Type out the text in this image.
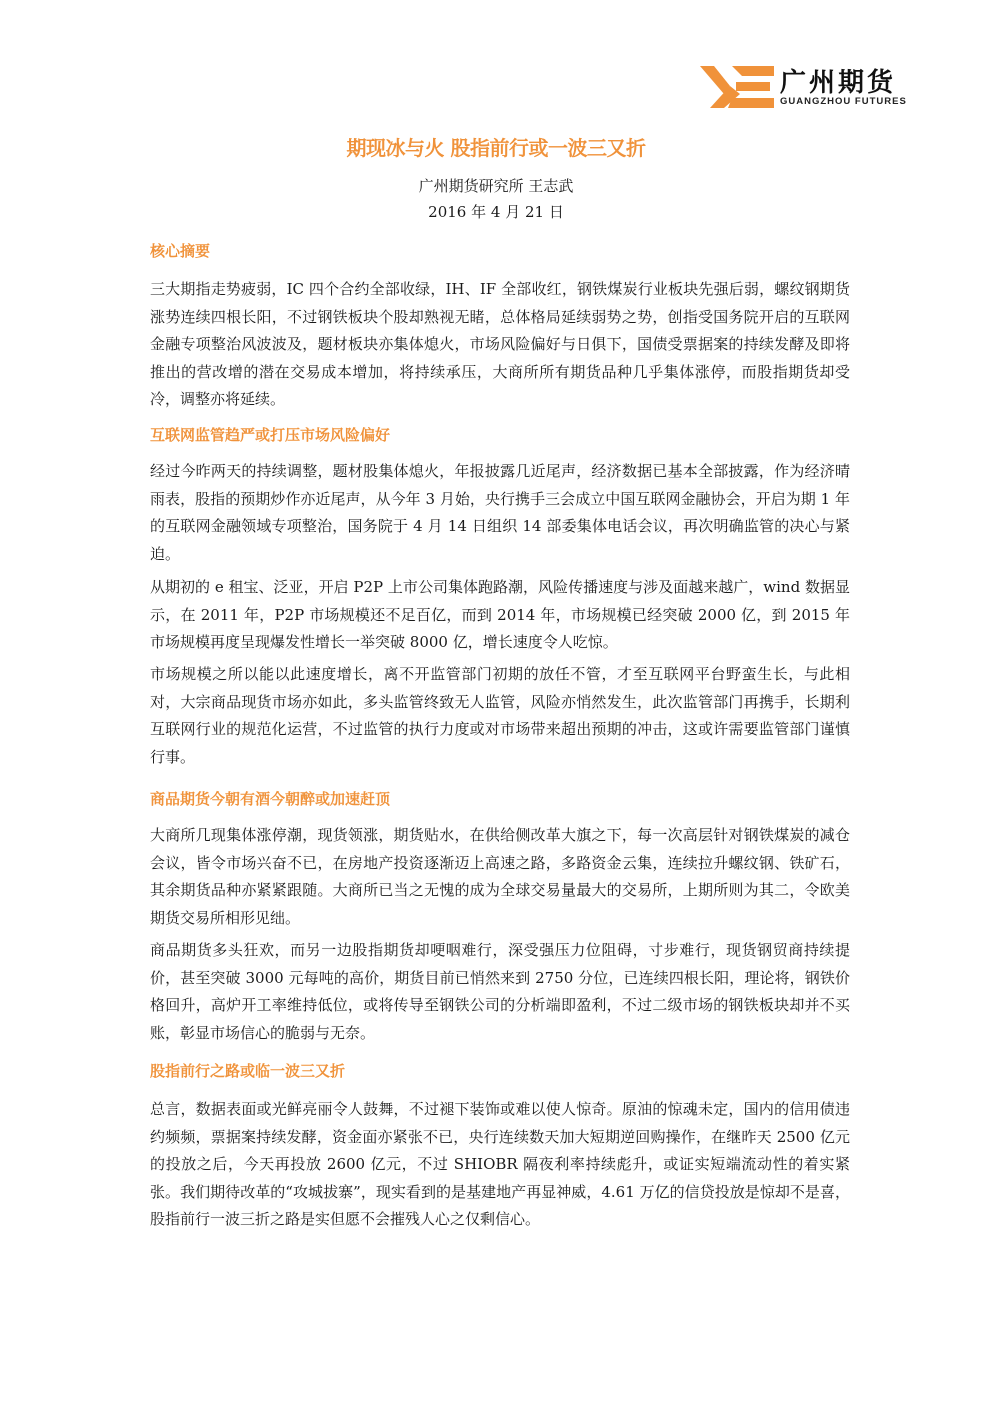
广州期货
GUANGZHOU FUTURES
期现冰与火 股指前行或一波三又折
广州期货研究所 王志武
2016 年 4 月 21 日
核心摘要

三大期指走势疲弱，IC 四个合约全部收绿，IH、IF 全部收红，钢铁煤炭行业板块先强后弱，螺纹钢期货涨势连续四根长阳，不过钢铁板块个股却熟视无睹，总体格局延续弱势之势，创指受国务院开启的互联网金融专项整治风波波及，题材板块亦集体熄火，市场风险偏好与日俱下，国债受票据案的持续发酵及即将推出的营改增的潜在交易成本增加，将持续承压，大商所所有期货品种几乎集体涨停，而股指期货却受冷，调整亦将延续。

互联网监管趋严或打压市场风险偏好

经过今昨两天的持续调整，题材股集体熄火，年报披露几近尾声，经济数据已基本全部披露，作为经济晴雨表，股指的预期炒作亦近尾声，从今年 3 月始，央行携手三会成立中国互联网金融协会，开启为期 1 年的互联网金融领域专项整治，国务院于 4 月 14 日组织 14 部委集体电话会议，再次明确监管的决心与紧迫。

从期初的 e 租宝、泛亚，开启 P2P 上市公司集体跑路潮，风险传播速度与涉及面越来越广，wind 数据显示，在 2011 年，P2P 市场规模还不足百亿，而到 2014 年，市场规模已经突破 2000 亿，到 2015 年市场规模再度呈现爆发性增长一举突破 8000 亿，增长速度令人吃惊。

市场规模之所以能以此速度增长，离不开监管部门初期的放任不管，才至互联网平台野蛮生长，与此相对，大宗商品现货市场亦如此，多头监管终致无人监管，风险亦悄然发生，此次监管部门再携手，长期利互联网行业的规范化运营，不过监管的执行力度或对市场带来超出预期的冲击，这或许需要监管部门谨慎行事。

商品期货今朝有酒今朝醉或加速赶顶

大商所几现集体涨停潮，现货领涨，期货贴水，在供给侧改革大旗之下，每一次高层针对钢铁煤炭的减仓会议，皆令市场兴奋不已，在房地产投资逐渐迈上高速之路，多路资金云集，连续拉升螺纹钢、铁矿石，其余期货品种亦紧紧跟随。大商所已当之无愧的成为全球交易量最大的交易所，上期所则为其二，令欧美期货交易所相形见绌。

商品期货多头狂欢，而另一边股指期货却哽咽难行，深受强压力位阻碍，寸步难行，现货钢贸商持续提价，甚至突破 3000 元每吨的高价，期货目前已悄然来到 2750 分位，已连续四根长阳，理论将，钢铁价格回升，高炉开工率维持低位，或将传导至钢铁公司的分析端即盈利，不过二级市场的钢铁板块却并不买账，彰显市场信心的脆弱与无奈。

股指前行之路或临一波三又折

总言，数据表面或光鲜亮丽令人鼓舞，不过褪下装饰或难以使人惊奇。原油的惊魂未定，国内的信用债违约频频，票据案持续发酵，资金面亦紧张不已，央行连续数天加大短期逆回购操作，在继昨天 2500 亿元的投放之后，今天再投放 2600 亿元，不过 SHIOBR 隔夜利率持续彪升，或证实短端流动性的着实紧张。我们期待改革的“攻城拔寨”，现实看到的是基建地产再显神威，4.61 万亿的信贷投放是惊却不是喜，股指前行一波三折之路是实但愿不会摧残人心之仅剩信心。
